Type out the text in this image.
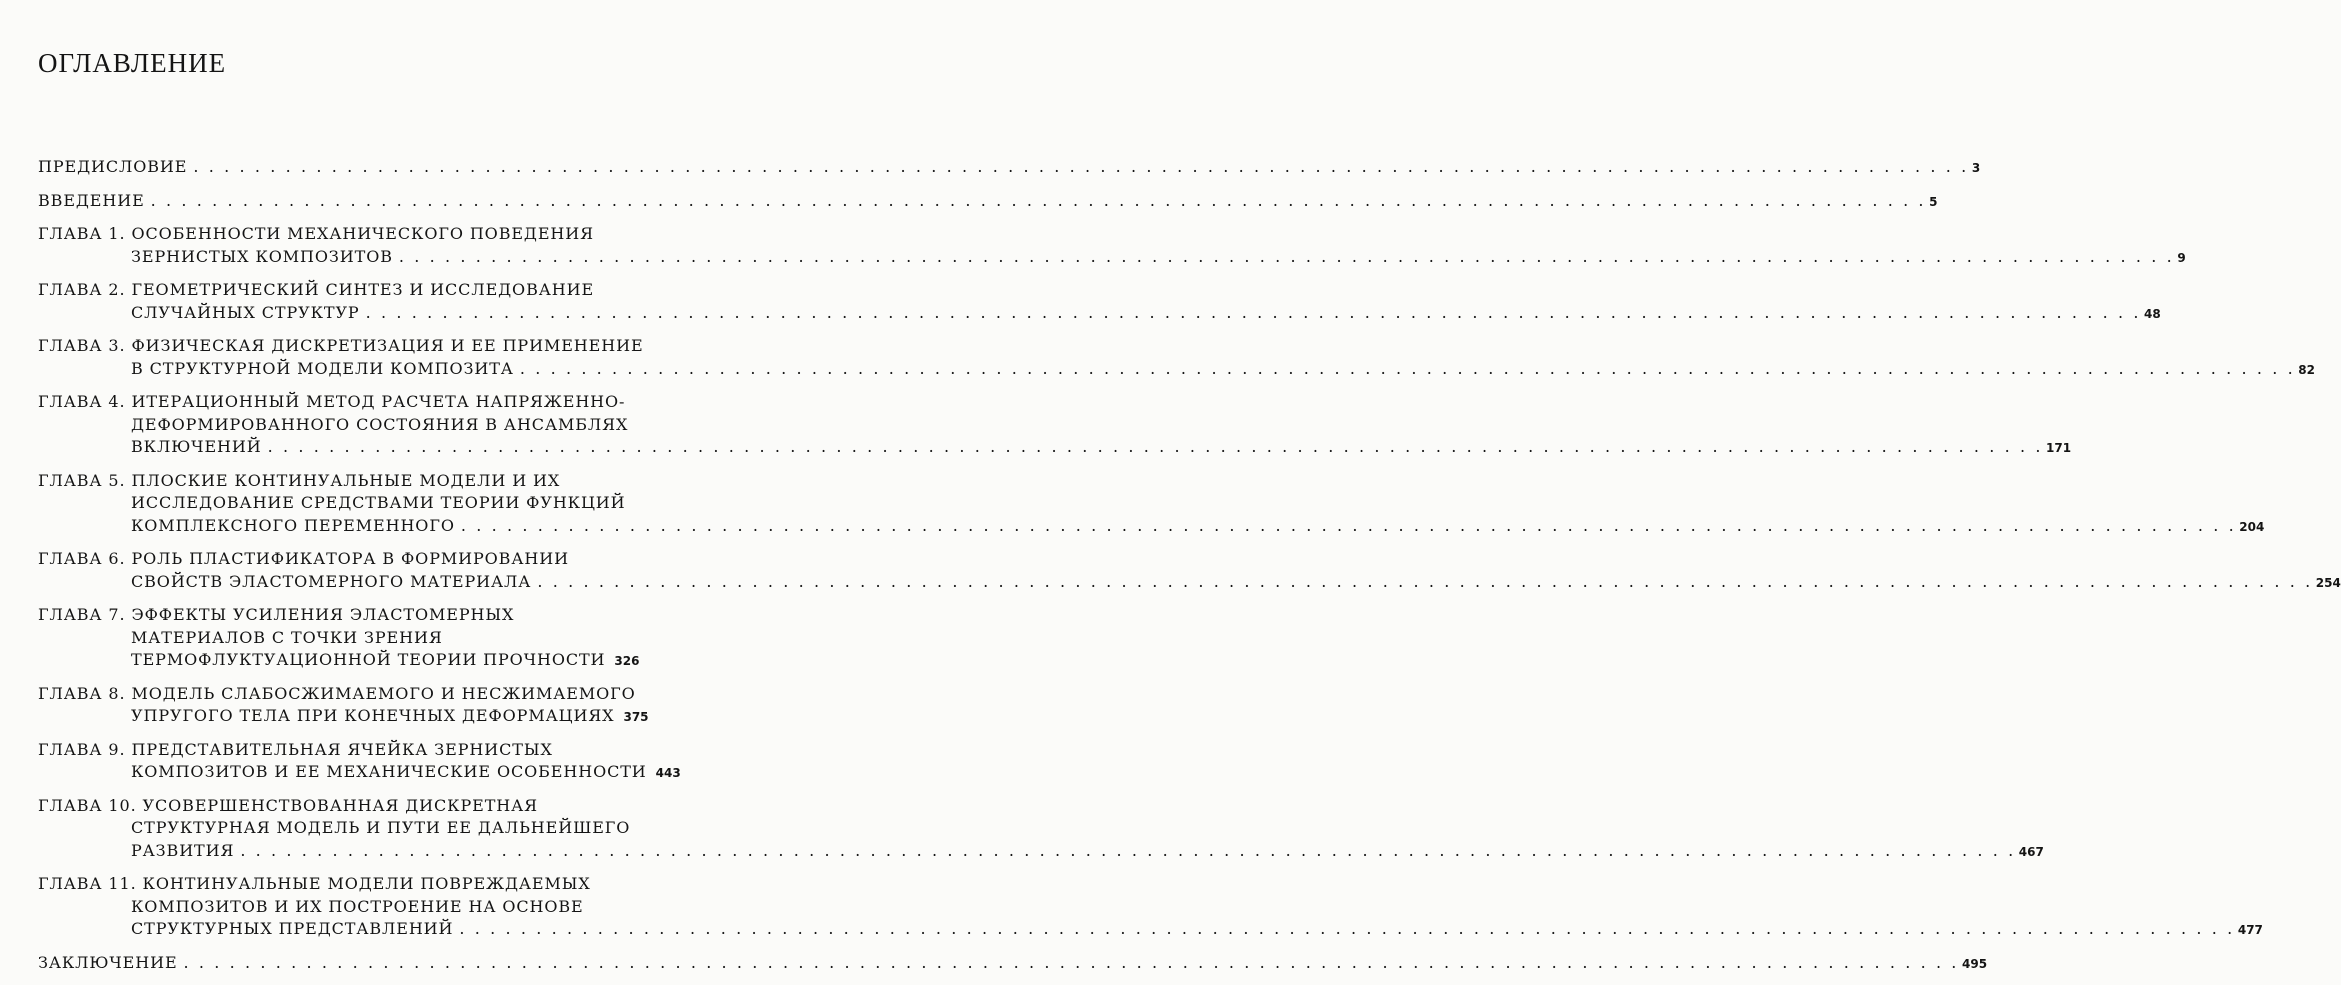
ОГЛАВЛЕНИЕ
ПРЕДИСЛОВИЕ . . .	3
ВВЕДЕНИЕ . . .	5
ГЛАВА 1. ОСОБЕННОСТИ МЕХАНИЧЕСКОГО ПОВЕДЕНИЯ
ЗЕРНИСТЫХ КОМПОЗИТОВ . . .	9
ГЛАВА 2. ГЕОМЕТРИЧЕСКИЙ СИНТЕЗ И ИССЛЕДОВАНИЕ
СЛУЧАЙНЫХ СТРУКТУР . . .	48
ГЛАВА 3. ФИЗИЧЕСКАЯ ДИСКРЕТИЗАЦИЯ И ЕЕ ПРИМЕНЕНИЕ
В СТРУКТУРНОЙ МОДЕЛИ КОМПОЗИТА . . .	82
ГЛАВА 4. ИТЕРАЦИОННЫЙ МЕТОД РАСЧЕТА НАПРЯЖЕННО-
ДЕФОРМИРОВАННОГО СОСТОЯНИЯ В АНСАМБЛЯХ
ВКЛЮЧЕНИЙ . . .	171
ГЛАВА 5. ПЛОСКИЕ КОНТИНУАЛЬНЫЕ МОДЕЛИ И ИХ
ИССЛЕДОВАНИЕ СРЕДСТВАМИ ТЕОРИИ ФУНКЦИЙ
КОМПЛЕКСНОГО ПЕРЕМЕННОГО . . .	204
ГЛАВА 6. РОЛЬ ПЛАСТИФИКАТОРА В ФОРМИРОВАНИИ
СВОЙСТВ ЭЛАСТОМЕРНОГО МАТЕРИАЛА . . .	254
ГЛАВА 7. ЭФФЕКТЫ УСИЛЕНИЯ ЭЛАСТОМЕРНЫХ
МАТЕРИАЛОВ С ТОЧКИ ЗРЕНИЯ
ТЕРМОФЛУКТУАЦИОННОЙ ТЕОРИИ ПРОЧНОСТИ 326
ГЛАВА 8. МОДЕЛЬ СЛАБОСЖИМАЕМОГО И НЕСЖИМАЕМОГО
УПРУГОГО ТЕЛА ПРИ КОНЕЧНЫХ ДЕФОРМАЦИЯХ 375
ГЛАВА 9. ПРЕДСТАВИТЕЛЬНАЯ ЯЧЕЙКА ЗЕРНИСТЫХ
КОМПОЗИТОВ И ЕЕ МЕХАНИЧЕСКИЕ ОСОБЕННОСТИ 443
ГЛАВА 10. УСОВЕРШЕНСТВОВАННАЯ ДИСКРЕТНАЯ
СТРУКТУРНАЯ МОДЕЛЬ И ПУТИ ЕЕ ДАЛЬНЕЙШЕГО
РАЗВИТИЯ . . .	467
ГЛАВА 11. КОНТИНУАЛЬНЫЕ МОДЕЛИ ПОВРЕЖДАЕМЫХ
КОМПОЗИТОВ И ИХ ПОСТРОЕНИЕ НА ОСНОВЕ
СТРУКТУРНЫХ ПРЕДСТАВЛЕНИЙ . . .	477
ЗАКЛЮЧЕНИЕ . . .	495
